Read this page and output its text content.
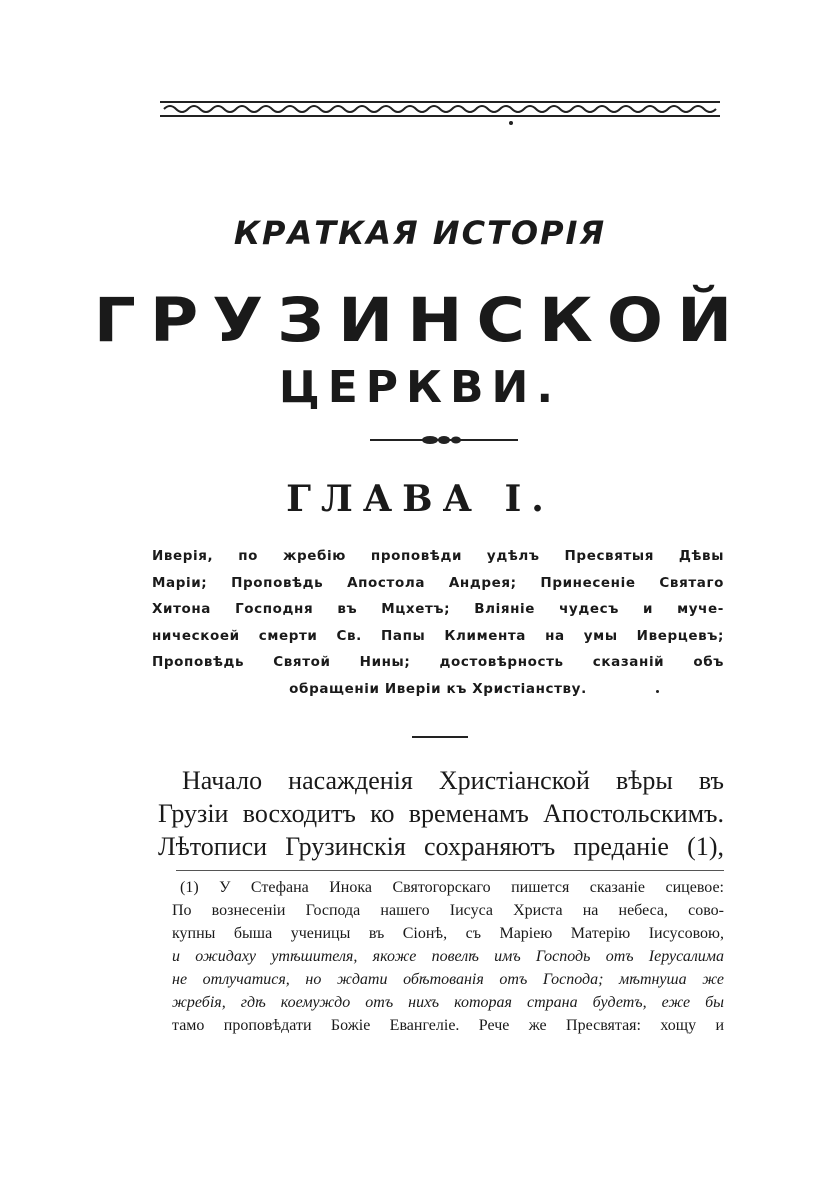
КРАТКАЯ ИСТОРІЯ
ГРУЗИНСКОЙ
ЦЕРКВИ.
ГЛАВА I.
Иверія, по жребію проповѣди удѣлъ Пресвятыя Дѣвы
Маріи; Проповѣдь Апостола Андрея; Принесеніе Святаго
Хитона Господня въ Мцхетъ; Вліяніе чудесъ и мучe-
ническоей смерти Св. Папы Климента на умы Иверцевъ;
Проповѣдь Святой Нины; достовѣрность сказаній объ
обращеніи Иверіи къ Христіанству.
Начало насажденія Христіанской вѣры въ
Грузіи восходитъ ко временамъ Апостольскимъ.
Лѣтописи Грузинскія сохраняютъ преданіе (1),
(1) У Стефана Инока Святогорскаго пишется сказаніе сицевое:
По вознесеніи Господа нашего Іисуса Христа на небеса, сово-
купны быша ученицы въ Сіонѣ, съ Маріею Матерію Іисусовою,
и ожидаху утѣшителя, якоже повелѣ имъ Господь отъ Іерусалима
не отлучатися, но ждати обѣтованія отъ Господа; мѣтнуша же
жребія, гдѣ коемуждо отъ нихъ которая страна будетъ, еже бы
тамо проповѣдати Божіе Евангеліе. Рече же Пресвятая: хощу и
